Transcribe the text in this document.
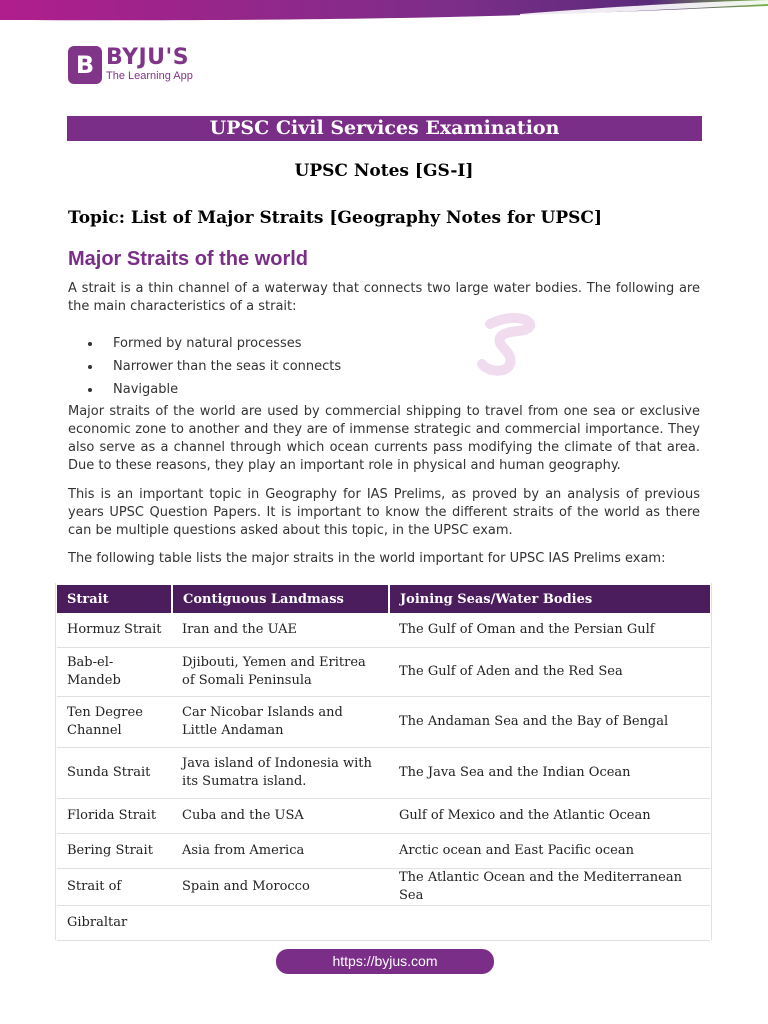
B BYJU'S
The Learning App
UPSC Civil Services Examination
UPSC Notes [GS-I]
Topic: List of Major Straits [Geography Notes for UPSC]
Major Straits of the world

A strait is a thin channel of a waterway that connects two large water bodies. The following are the main characteristics of a strait:

Formed by natural processes
Narrower than the seas it connects
Navigable

Major straits of the world are used by commercial shipping to travel from one sea or exclusive economic zone to another and they are of immense strategic and commercial importance. They also serve as a channel through which ocean currents pass modifying the climate of that area. Due to these reasons, they play an important role in physical and human geography.

This is an important topic in Geography for IAS Prelims, as proved by an analysis of previous years UPSC Question Papers. It is important to know the different straits of the world as there can be multiple questions asked about this topic, in the UPSC exam.

The following table lists the major straits in the world important for UPSC IAS Prelims exam:

Strait	Contiguous Landmass	Joining Seas/Water Bodies
Hormuz Strait	Iran and the UAE	The Gulf of Oman and the Persian Gulf
Bab-el-Mandeb	Djibouti, Yemen and Eritrea of Somali Peninsula	The Gulf of Aden and the Red Sea
Ten Degree Channel	Car Nicobar Islands and Little Andaman	The Andaman Sea and the Bay of Bengal
Sunda Strait	Java island of Indonesia with its Sumatra island.	The Java Sea and the Indian Ocean
Florida Strait	Cuba and the USA	Gulf of Mexico and the Atlantic Ocean
Bering Strait	Asia from America	Arctic ocean and East Pacific ocean
Strait of	Spain and Morocco	The Atlantic Ocean and the Mediterranean Sea
Gibraltar		
https://byjus.com
